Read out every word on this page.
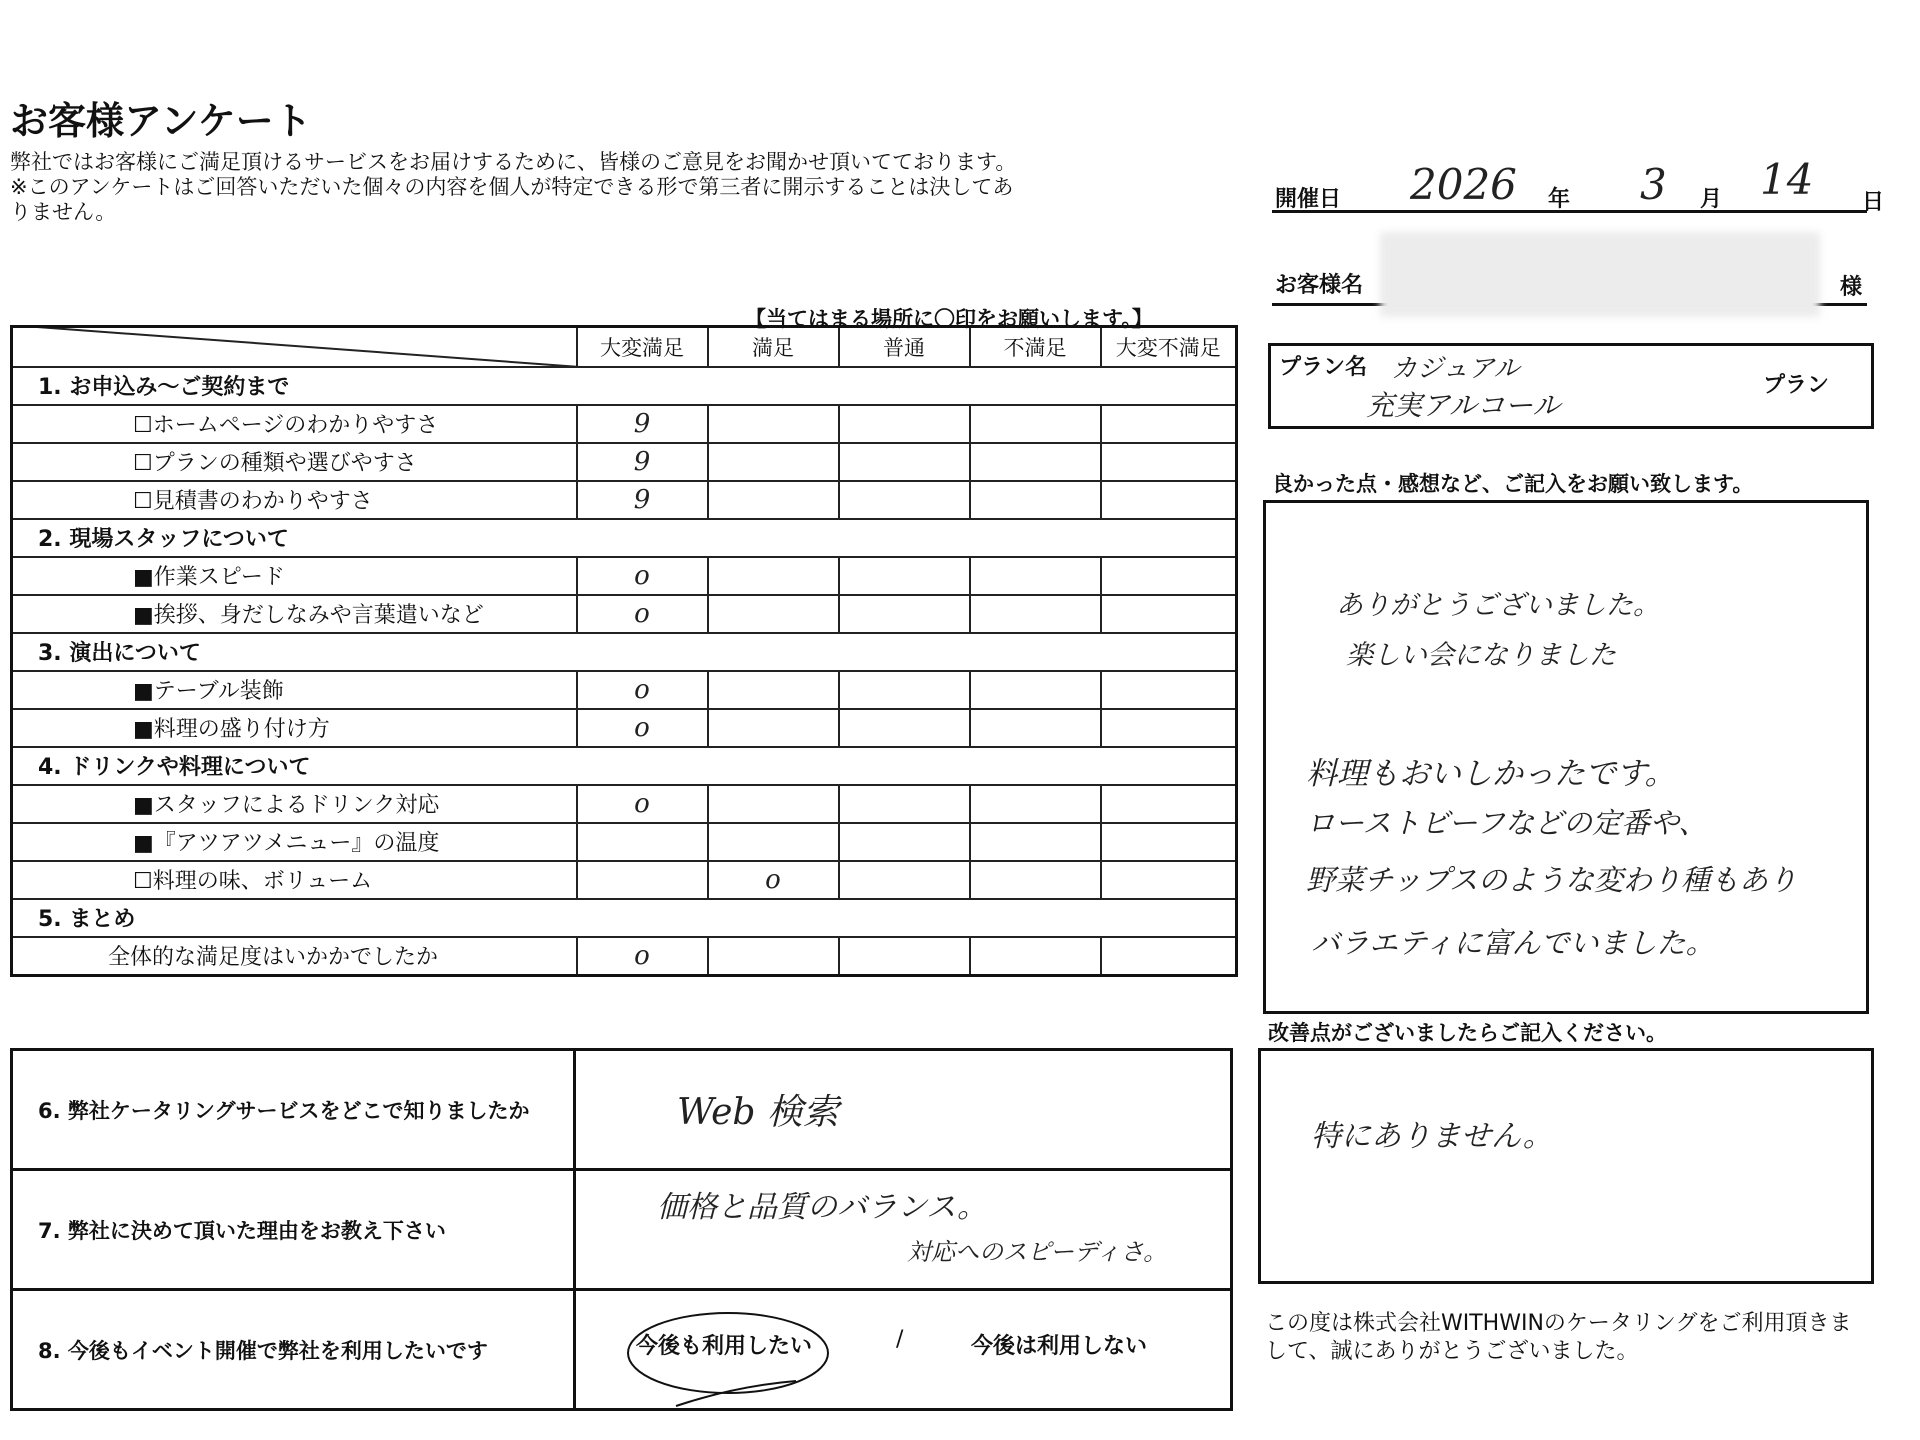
お客様アンケート
弊社ではお客様にご満足頂けるサービスをお届けするために、皆様のご意見をお聞かせ頂いてております。
※このアンケートはご回答いただいた個々の内容を個人が特定できる形で第三者に開示することは決してあ
りません。
【当てはまる場所に〇印をお願いします。】
	大変満足	満足	普通	不満足	大変不満足
1. お申込み～ご契約まで					
☐ホームページのわかりやすさ	9				

☐プランの種類や選びやすさ	9				

☐見積書のわかりやすさ	9				

2. 現場スタッフについて					
■作業スピード	o				

■挨拶、身だしなみや言葉遣いなど	o				

3. 演出について					
■テーブル装飾	o				

■料理の盛り付け方	o				

4. ドリンクや料理について					
■スタッフによるドリンク対応	o				

■『アツアツメニュー』の温度					
☐料理の味、ボリューム		o			

5. まとめ					
全体的な満足度はいかかでしたか	o				

6. 弊社ケータリングサービスをどこで知りましたか	Web 検索
7. 弊社に決めて頂いた理由をお教え下さい	価格と品質のバランス。
対応へのスピーディさ。

8. 今後もイベント開催で弊社を利用したいです	今後も利用したい / 今後は利用しない
開催日 2026 年 3 月 14 日
お客様名	様
プラン名 カジュアル
充実アルコール
プラン
良かった点・感想など、ご記入をお願い致します。
ありがとうございました。
楽しい会になりました
料理もおいしかったです。
ローストビーフなどの定番や、
野菜チップスのような変わり種もあり
バラエティに富んでいました。
改善点がございましたらご記入ください。
特にありません。
この度は株式会社WITHWINのケータリングをご利用頂きまして、誠にありがとうございました。
